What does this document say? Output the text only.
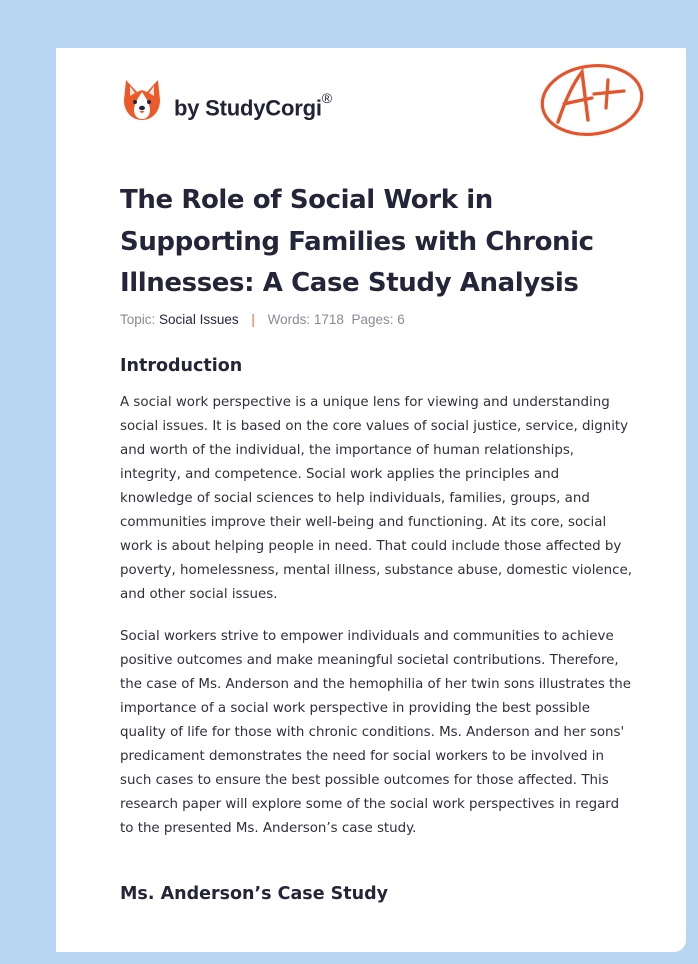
by StudyCorgi®
The Role of Social Work in Supporting Families with Chronic Illnesses: A Case Study Analysis
Topic: Social Issues | Words: 1718 Pages: 6
Introduction

A social work perspective is a unique lens for viewing and understanding social issues. It is based on the core values of social justice, service, dignity and worth of the individual, the importance of human relationships, integrity, and competence. Social work applies the principles and knowledge of social sciences to help individuals, families, groups, and communities improve their well-being and functioning. At its core, social work is about helping people in need. That could include those affected by poverty, homelessness, mental illness, substance abuse, domestic violence, and other social issues.

Social workers strive to empower individuals and communities to achieve positive outcomes and make meaningful societal contributions. Therefore, the case of Ms. Anderson and the hemophilia of her twin sons illustrates the importance of a social work perspective in providing the best possible quality of life for those with chronic conditions. Ms. Anderson and her sons' predicament demonstrates the need for social workers to be involved in such cases to ensure the best possible outcomes for those affected. This research paper will explore some of the social work perspectives in regard to the presented Ms. Anderson’s case study.

Ms. Anderson’s Case Study
